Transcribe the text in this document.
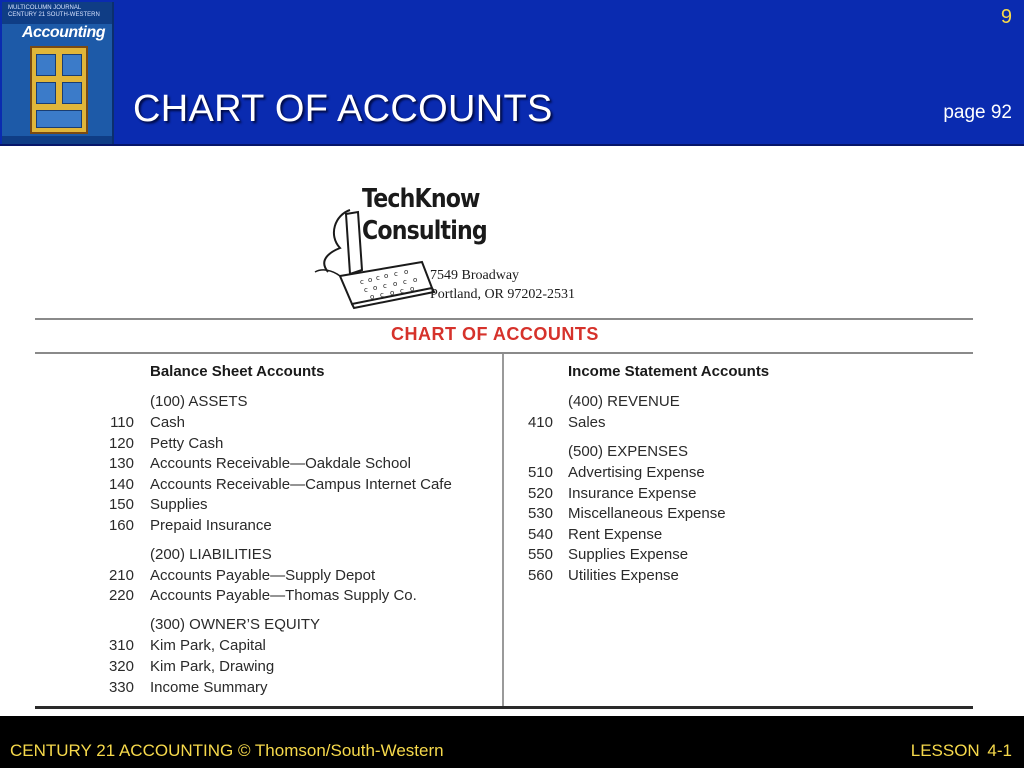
MULTICOLUMN JOURNAL
CENTURY 21 SOUTH-WESTERN
Accounting
CHART OF ACCOUNTS
9
page 92
c o c o c o
c o c o c o
o c o c o
TechKnow
Consulting
7549 Broadway
Portland, OR 97202-2531
CHART OF ACCOUNTS
Balance Sheet Accounts	Income Statement Accounts
(100) ASSETS
110 Cash
120 Petty Cash
130 Accounts Receivable—Oakdale School
140 Accounts Receivable—Campus Internet Cafe
150 Supplies
160 Prepaid Insurance
(200) LIABILITIES
210 Accounts Payable—Supply Depot
220 Accounts Payable—Thomas Supply Co.
(300) OWNER’S EQUITY
310 Kim Park, Capital
320 Kim Park, Drawing
330 Income Summary
(400) REVENUE
410 Sales
(500) EXPENSES
510 Advertising Expense
520 Insurance Expense
530 Miscellaneous Expense
540 Rent Expense
550 Supplies Expense
560 Utilities Expense
CENTURY 21 ACCOUNTING © Thomson/South-Western	LESSON 4-1
